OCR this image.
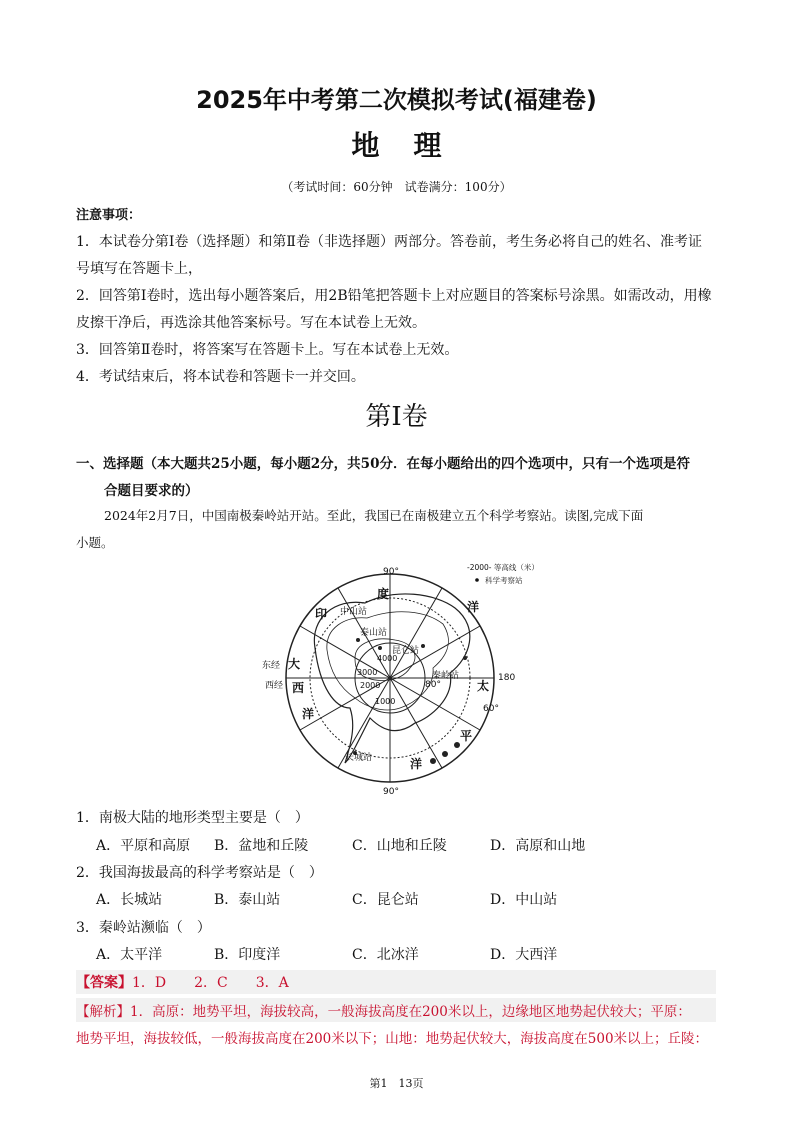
2025年中考第二次模拟考试(福建卷)
地理
（考试时间：60分钟　试卷满分：100分）
注意事项：
1．本试卷分第Ⅰ卷（选择题）和第Ⅱ卷（非选择题）两部分。答卷前，考生务必将自己的姓名、准考证
号填写在答题卡上，
2．回答第Ⅰ卷时，选出每小题答案后，用2B铅笔把答题卡上对应题目的答案标号涂黑。如需改动，用橡
皮擦干净后，再选涂其他答案标号。写在本试卷上无效。
3．回答第Ⅱ卷时，将答案写在答题卡上。写在本试卷上无效。
4．考试结束后，将本试卷和答题卡一并交回。
第Ⅰ卷
一、选择题（本大题共25小题，每小题2分，共50分．在每小题给出的四个选项中，只有一个选项是符
合题目要求的）
2024年2月7日，中国南极秦岭站开站。至此，我国已在南极建立五个科学考察站。读图,完成下面
小题。
90°
90°
180
60°
80°
东经
西经
-2000- 等高线（米）
科学考察站
4000
3000
2000
1000
中山站
泰山站
昆仑站
秦岭站
长城站
度
印	洋
大
西
洋
太
平
洋
1．南极大陆的地形类型主要是（　）
A．平原和高原 B．盆地和丘陵	C．山地和丘陵	D．高原和山地
2．我国海拔最高的科学考察站是（　）
A．长城站	B．泰山站	C．昆仑站	D．中山站
3．秦岭站濒临（　）
A．太平洋	B．印度洋	C．北冰洋	D．大西洋
【答案】1．D　　2．C　　3．A
【解析】1．高原：地势平坦，海拔较高，一般海拔高度在200米以上，边缘地区地势起伏较大；平原：
地势平坦，海拔较低，一般海拔高度在200米以下；山地：地势起伏较大，海拔高度在500米以上；丘陵：
第1　13页
